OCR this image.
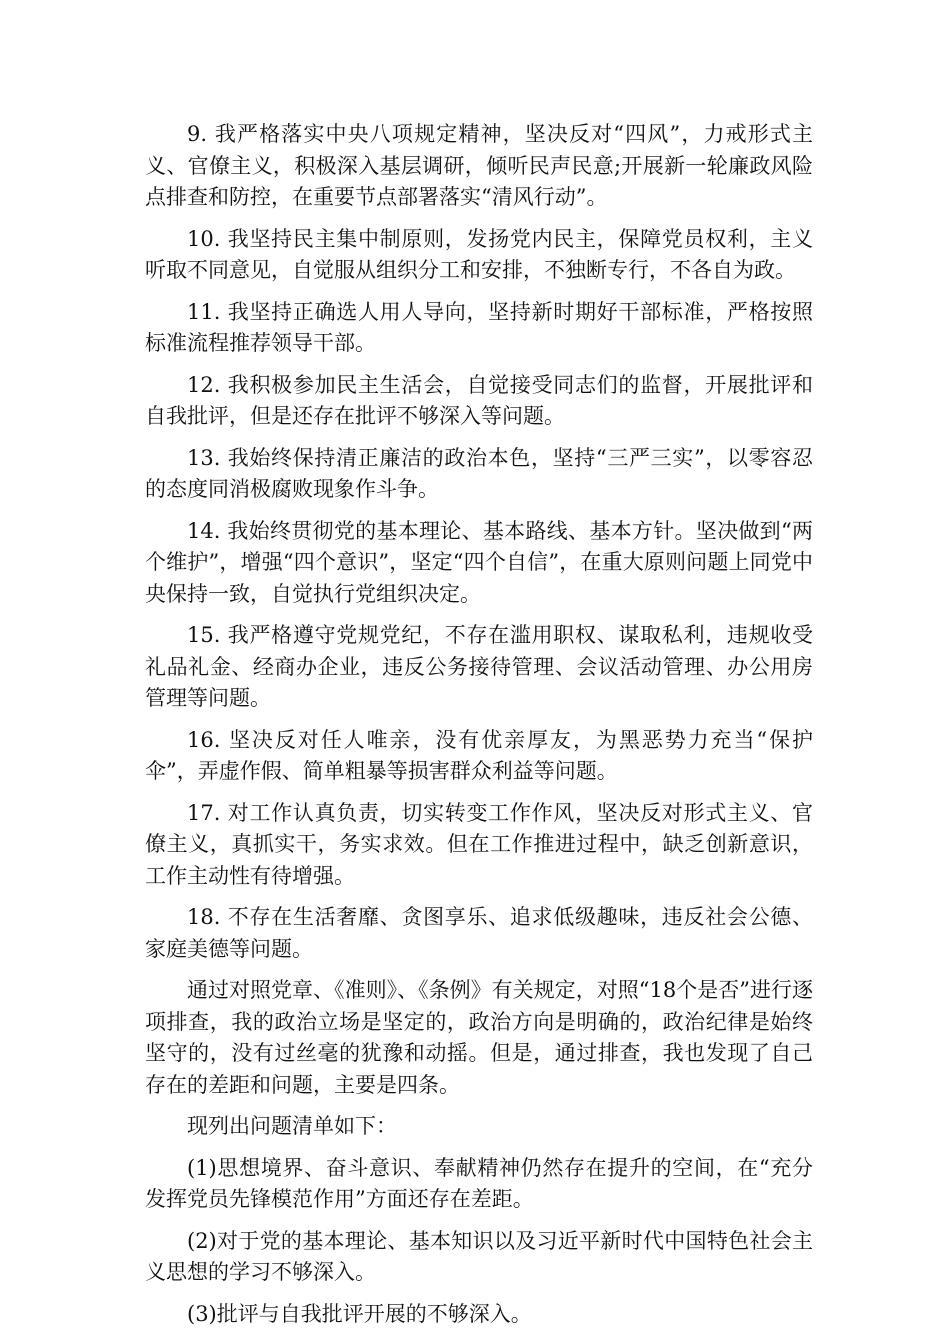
9. 我严格落实中央八项规定精神，坚决反对“四风”，力戒形式主义、官僚主义，积极深入基层调研，倾听民声民意;开展新一轮廉政风险点排查和防控，在重要节点部署落实“清风行动”。

10. 我坚持民主集中制原则，发扬党内民主，保障党员权利，主义听取不同意见，自觉服从组织分工和安排，不独断专行，不各自为政。

11. 我坚持正确选人用人导向，坚持新时期好干部标准，严格按照标准流程推荐领导干部。

12. 我积极参加民主生活会，自觉接受同志们的监督，开展批评和自我批评，但是还存在批评不够深入等问题。

13. 我始终保持清正廉洁的政治本色，坚持“三严三实”，以零容忍的态度同消极腐败现象作斗争。

14. 我始终贯彻党的基本理论、基本路线、基本方针。坚决做到“两个维护”，增强“四个意识”，坚定“四个自信”，在重大原则问题上同党中央保持一致，自觉执行党组织决定。

15. 我严格遵守党规党纪，不存在滥用职权、谋取私利，违规收受礼品礼金、经商办企业，违反公务接待管理、会议活动管理、办公用房管理等问题。

16. 坚决反对任人唯亲，没有优亲厚友，为黑恶势力充当“保护伞”，弄虚作假、简单粗暴等损害群众利益等问题。

17. 对工作认真负责，切实转变工作作风，坚决反对形式主义、官僚主义，真抓实干，务实求效。但在工作推进过程中，缺乏创新意识，工作主动性有待增强。

18. 不存在生活奢靡、贪图享乐、追求低级趣味，违反社会公德、家庭美德等问题。

通过对照党章、《准则》、《条例》有关规定，对照“18个是否”进行逐项排查，我的政治立场是坚定的，政治方向是明确的，政治纪律是始终坚守的，没有过丝毫的犹豫和动摇。但是，通过排查，我也发现了自己存在的差距和问题，主要是四条。

现列出问题清单如下：

(1)思想境界、奋斗意识、奉献精神仍然存在提升的空间，在“充分发挥党员先锋模范作用”方面还存在差距。

(2)对于党的基本理论、基本知识以及习近平新时代中国特色社会主义思想的学习不够深入。

(3)批评与自我批评开展的不够深入。
